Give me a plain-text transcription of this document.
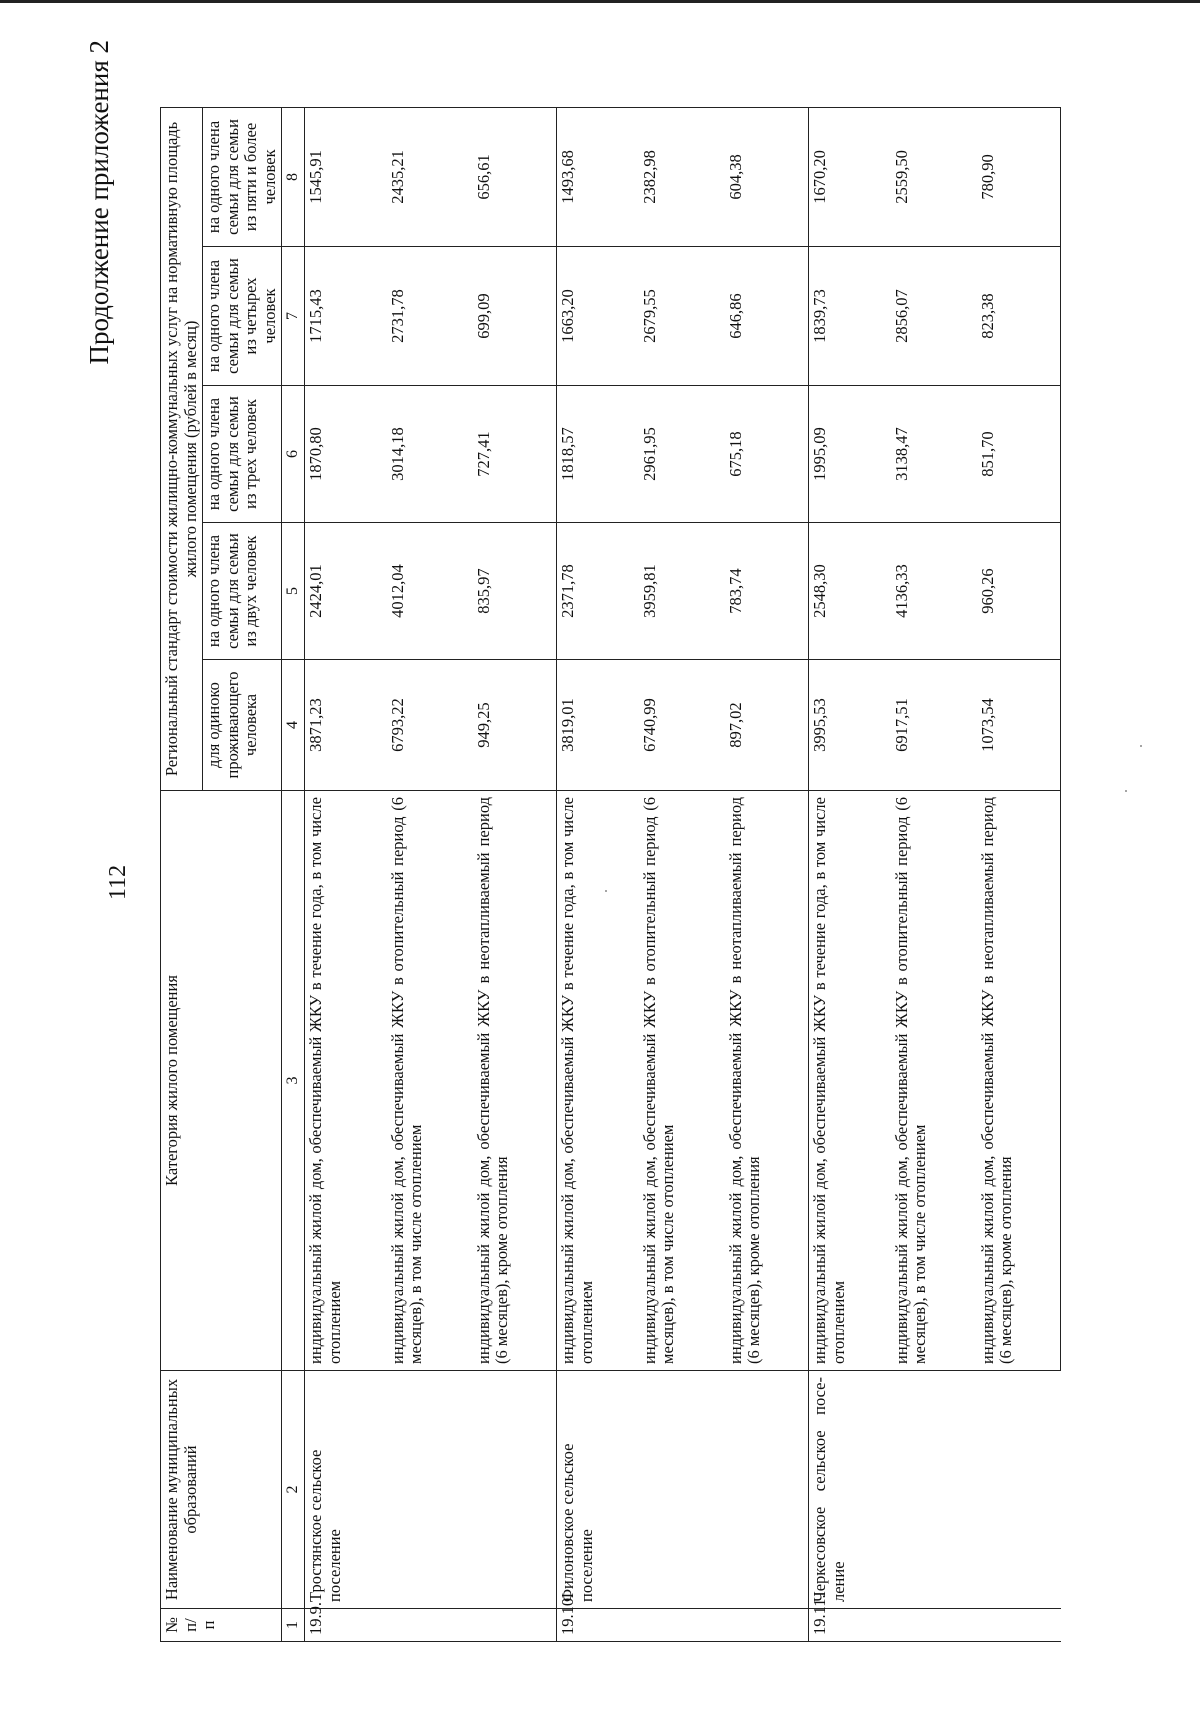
112
Продолжение приложения 2
№ п/п	Наименование муниципальных образований	Категория жилого помещения	Региональный стандарт стоимости жилищно-коммунальных услуг на нормативную площадь жилого помещения (рублей в месяц)				
			для одиноко проживающего человека	на одного члена семьи для семьи из двух человек	на одного члена семьи для семьи из трех человек	на одного члена семьи для семьи из четырех человек	на одного члена семьи для семьи из пяти и более человек
1	2	3	4	5	6	7	8
19.9.	Тростянское сельское поселение	индивидуальный жилой дом, обеспечиваемый ЖКУ в течение года, в том числе отоплением	3871,23	2424,01	1870,80	1715,43	1545,91
		индивидуальный жилой дом, обеспечиваемый ЖКУ в отопительный период (6 месяцев), в том числе отоплением	6793,22	4012,04	3014,18	2731,78	2435,21
		индивидуальный жилой дом, обеспечиваемый ЖКУ в неотапливаемый период (6 месяцев), кроме отопления	949,25	835,97	727,41	699,09	656,61
19.10.	Филоновское сельское поселение	индивидуальный жилой дом, обеспечиваемый ЖКУ в течение года, в том числе отоплением	3819,01	2371,78	1818,57	1663,20	1493,68
		индивидуальный жилой дом, обеспечиваемый ЖКУ в отопительный период (6 месяцев), в том числе отоплением	6740,99	3959,81	2961,95	2679,55	2382,98
		индивидуальный жилой дом, обеспечиваемый ЖКУ в неотапливаемый период (6 месяцев), кроме отопления	897,02	783,74	675,18	646,86	604,38
19.11.	Черкесовское сельское посе-ление	индивидуальный жилой дом, обеспечиваемый ЖКУ в течение года, в том числе отоплением	3995,53	2548,30	1995,09	1839,73	1670,20
		индивидуальный жилой дом, обеспечиваемый ЖКУ в отопительный период (6 месяцев), в том числе отоплением	6917,51	4136,33	3138,47	2856,07	2559,50
		индивидуальный жилой дом, обеспечиваемый ЖКУ в неотапливаемый период (6 месяцев), кроме отопления	1073,54	960,26	851,70	823,38	780,90
